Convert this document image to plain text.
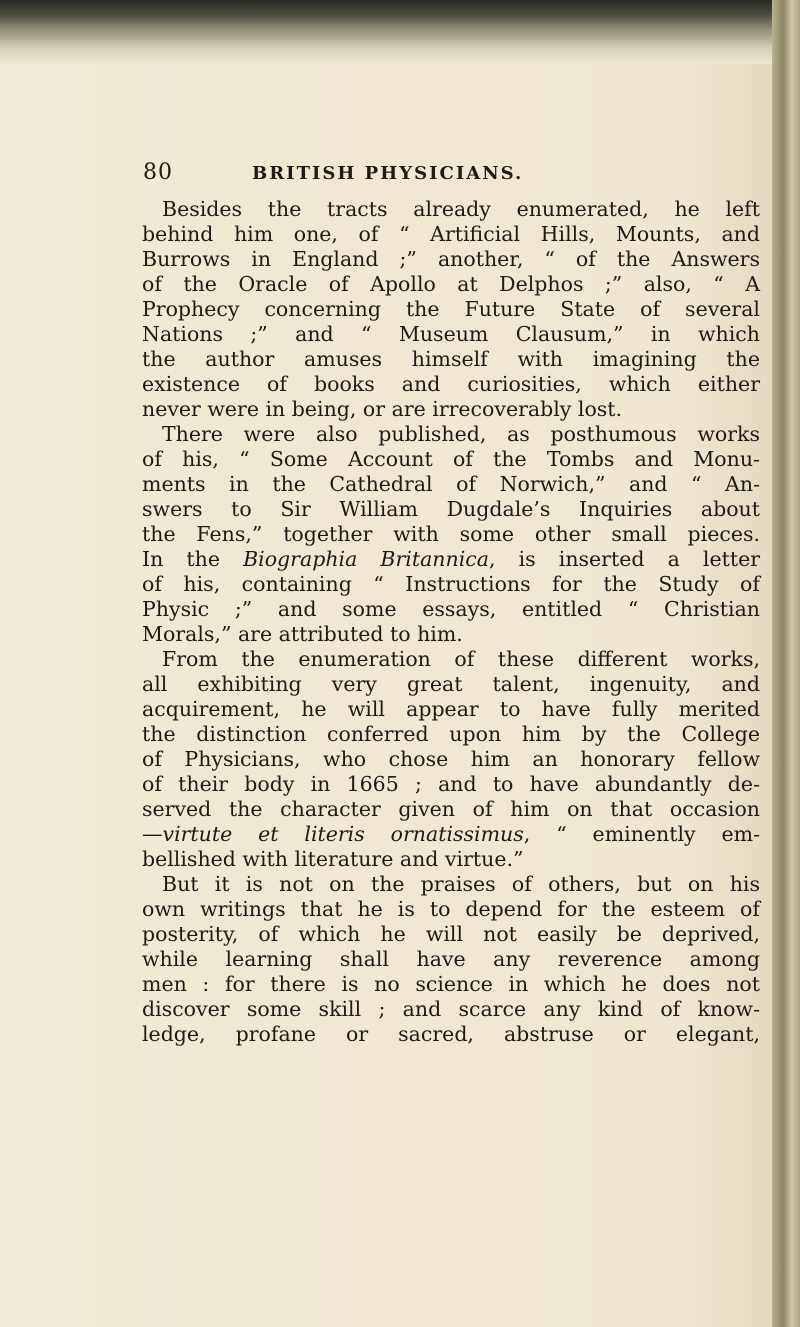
80	BRITISH PHYSICIANS.
Besides the tracts already enumerated, he left
behind him one, of “ Artificial Hills, Mounts, and
Burrows in England ;” another, “ of the Answers
of the Oracle of Apollo at Delphos ;” also, “ A
Prophecy concerning the Future State of several
Nations ;” and “ Museum Clausum,” in which
the author amuses himself with imagining the
existence of books and curiosities, which either
never were in being, or are irrecoverably lost.
There were also published, as posthumous works
of his, “ Some Account of the Tombs and Monu-
ments in the Cathedral of Norwich,” and “ An-
swers to Sir William Dugdale’s Inquiries about
the Fens,” together with some other small pieces.
In the Biographia Britannica, is inserted a letter
of his, containing “ Instructions for the Study of
Physic ;” and some essays, entitled “ Christian
Morals,” are attributed to him.
From the enumeration of these different works,
all exhibiting very great talent, ingenuity, and
acquirement, he will appear to have fully merited
the distinction conferred upon him by the College
of Physicians, who chose him an honorary fellow
of their body in 1665 ; and to have abundantly de-
served the character given of him on that occasion
—virtute et literis ornatissimus, “ eminently em-
bellished with literature and virtue.”
But it is not on the praises of others, but on his
own writings that he is to depend for the esteem of
posterity, of which he will not easily be deprived,
while learning shall have any reverence among
men : for there is no science in which he does not
discover some skill ; and scarce any kind of know-
ledge, profane or sacred, abstruse or elegant,
